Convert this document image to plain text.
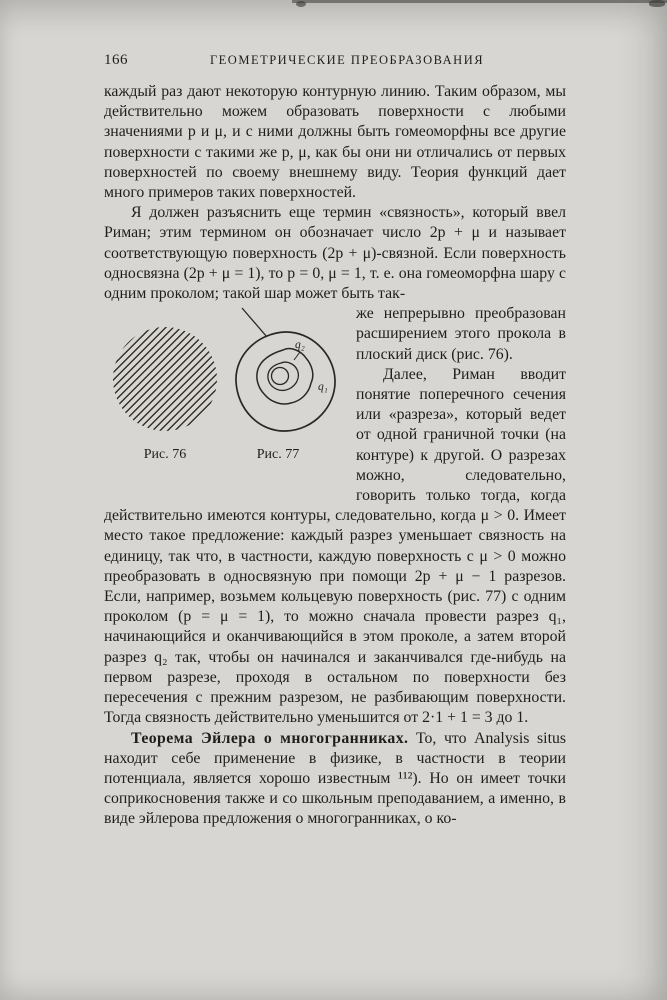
166	ГЕОМЕТРИЧЕСКИЕ ПРЕОБРАЗОВАНИЯ

каждый раз дают некоторую контурную линию. Таким образом, мы действительно можем образовать поверхности с любыми значениями p и μ, и с ними должны быть гомеоморфны все другие поверхности с такими же p, μ, как бы они ни отличались от первых поверхностей по своему внешнему виду. Теория функций дает много примеров таких поверхностей.

Я должен разъяснить еще термин «связность», который ввел Риман; этим термином он обозначает число 2p + μ и называет соответствующую поверхность (2p + μ)-связной. Если поверхность односвязна (2p + μ = 1), то p = 0, μ = 1, т. е. она гомеоморфна шару с одним проколом; такой шар может быть так-

q₂
q₁
Рис. 76	Рис. 77

же непрерывно преобразован расширением этого прокола в плоский диск (рис. 76).

Далее, Риман вводит понятие поперечного сечения или «разреза», который ведет от одной граничной точки (на контуре) к другой. О разрезах можно, следовательно, говорить только тогда, когда действительно имеются контуры, следовательно, когда μ > 0. Имеет место такое предложение: каждый разрез уменьшает связность на единицу, так что, в частности, каждую поверхность с μ > 0 можно преобразовать в односвязную при помощи 2p + μ − 1 разрезов. Если, например, возьмем кольцевую поверхность (рис. 77) с одним проколом (p = μ = 1), то можно сначала провести разрез q₁, начинающийся и оканчивающийся в этом проколе, а затем второй разрез q₂ так, чтобы он начинался и заканчивался где-нибудь на первом разрезе, проходя в остальном по поверхности без пересечения с прежним разрезом, не разбивающим поверхности. Тогда связность действительно уменьшится от 2·1 + 1 = 3 до 1.

Теорема Эйлера о многогранниках. То, что Analysis situs находит себе применение в физике, в частности в теории потенциала, является хорошо известным ¹¹²). Но он имеет точки соприкосновения также и со школьным преподаванием, а именно, в виде эйлерова предложения о многогранниках, о ко-
